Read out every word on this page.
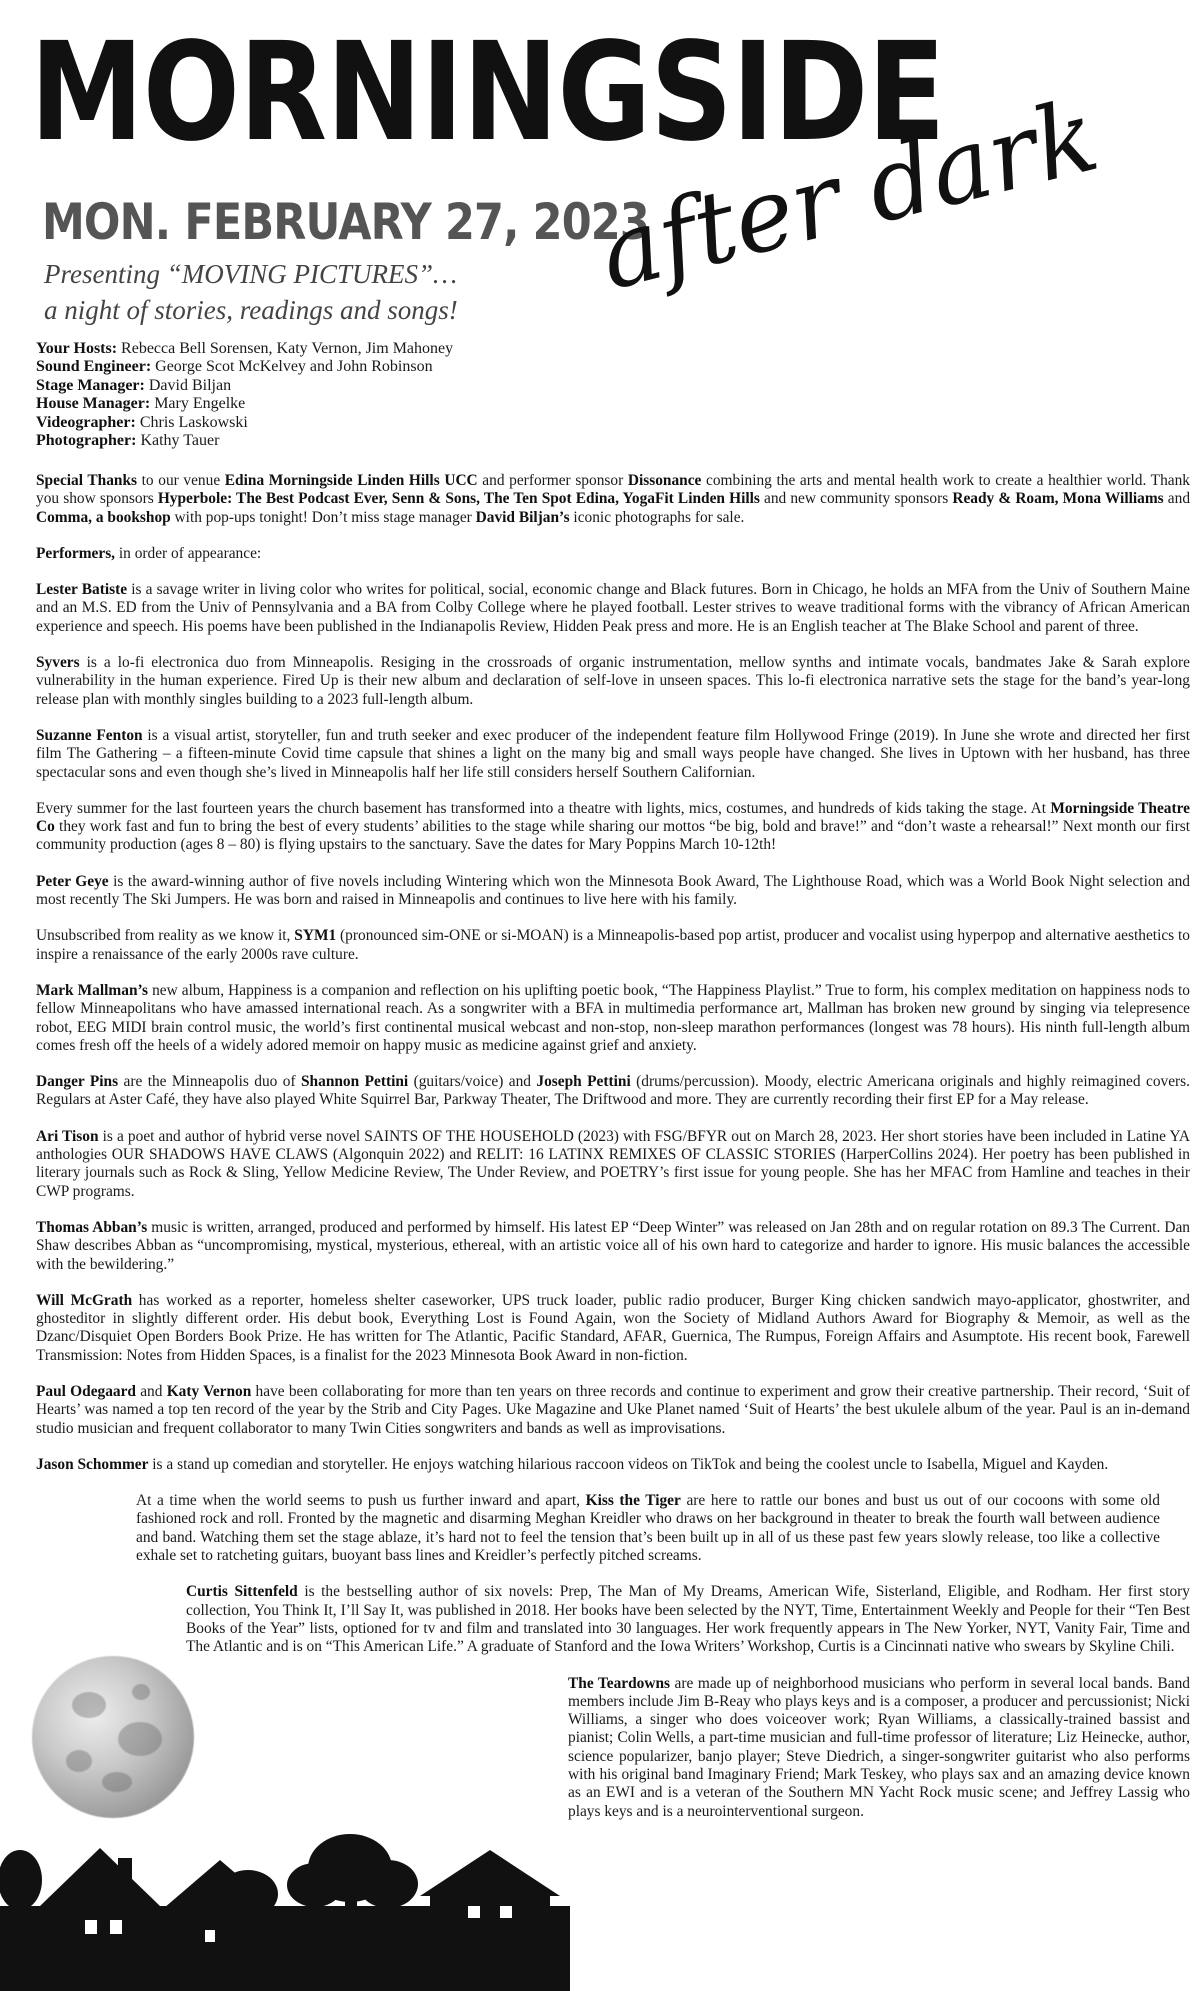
MORNINGSIDE
MON. FEBRUARY 27, 2023
after dark
Presenting “MOVING PICTURES”…
a night of stories, readings and songs!
Your Hosts: Rebecca Bell Sorensen, Katy Vernon, Jim Mahoney
Sound Engineer: George Scot McKelvey and John Robinson
Stage Manager: David Biljan
House Manager: Mary Engelke
Videographer: Chris Laskowski
Photographer: Kathy Tauer

Special Thanks to our venue Edina Morningside Linden Hills UCC and performer sponsor Dissonance combining the arts and mental health work to create a healthier world. Thank you show sponsors Hyperbole: The Best Podcast Ever, Senn & Sons, The Ten Spot Edina, YogaFit Linden Hills and new community sponsors Ready & Roam, Mona Williams and Comma, a bookshop with pop-ups tonight! Don’t miss stage manager David Biljan’s iconic photographs for sale.

Performers, in order of appearance:

Lester Batiste is a savage writer in living color who writes for political, social, economic change and Black futures. Born in Chicago, he holds an MFA from the Univ of Southern Maine and an M.S. ED from the Univ of Pennsylvania and a BA from Colby College where he played football. Lester strives to weave traditional forms with the vibrancy of African American experience and speech. His poems have been published in the Indianapolis Review, Hidden Peak press and more. He is an English teacher at The Blake School and parent of three.

Syvers is a lo-fi electronica duo from Minneapolis. Resiging in the crossroads of organic instrumentation, mellow synths and intimate vocals, bandmates Jake & Sarah explore vulnerability in the human experience. Fired Up is their new album and declaration of self-love in unseen spaces. This lo-fi electronica narrative sets the stage for the band’s year-long release plan with monthly singles building to a 2023 full-length album.

Suzanne Fenton is a visual artist, storyteller, fun and truth seeker and exec producer of the independent feature film Hollywood Fringe (2019). In June she wrote and directed her first film The Gathering – a fifteen-minute Covid time capsule that shines a light on the many big and small ways people have changed. She lives in Uptown with her husband, has three spectacular sons and even though she’s lived in Minneapolis half her life still considers herself Southern Californian.

Every summer for the last fourteen years the church basement has transformed into a theatre with lights, mics, costumes, and hundreds of kids taking the stage. At Morningside Theatre Co they work fast and fun to bring the best of every students’ abilities to the stage while sharing our mottos “be big, bold and brave!” and “don’t waste a rehearsal!” Next month our first community production (ages 8 – 80) is flying upstairs to the sanctuary. Save the dates for Mary Poppins March 10-12th!

Peter Geye is the award-winning author of five novels including Wintering which won the Minnesota Book Award, The Lighthouse Road, which was a World Book Night selection and most recently The Ski Jumpers. He was born and raised in Minneapolis and continues to live here with his family.

Unsubscribed from reality as we know it, SYM1 (pronounced sim-ONE or si-MOAN) is a Minneapolis-based pop artist, producer and vocalist using hyperpop and alternative aesthetics to inspire a renaissance of the early 2000s rave culture.

Mark Mallman’s new album, Happiness is a companion and reflection on his uplifting poetic book, “The Happiness Playlist.” True to form, his complex meditation on happiness nods to fellow Minneapolitans who have amassed international reach. As a songwriter with a BFA in multimedia performance art, Mallman has broken new ground by singing via telepresence robot, EEG MIDI brain control music, the world’s first continental musical webcast and non-stop, non-sleep marathon performances (longest was 78 hours). His ninth full-length album comes fresh off the heels of a widely adored memoir on happy music as medicine against grief and anxiety.

Danger Pins are the Minneapolis duo of Shannon Pettini (guitars/voice) and Joseph Pettini (drums/percussion). Moody, electric Americana originals and highly reimagined covers. Regulars at Aster Café, they have also played White Squirrel Bar, Parkway Theater, The Driftwood and more. They are currently recording their first EP for a May release.

Ari Tison is a poet and author of hybrid verse novel SAINTS OF THE HOUSEHOLD (2023) with FSG/BFYR out on March 28, 2023. Her short stories have been included in Latine YA anthologies OUR SHADOWS HAVE CLAWS (Algonquin 2022) and RELIT: 16 LATINX REMIXES OF CLASSIC STORIES (HarperCollins 2024). Her poetry has been published in literary journals such as Rock & Sling, Yellow Medicine Review, The Under Review, and POETRY’s first issue for young people. She has her MFAC from Hamline and teaches in their CWP programs.

Thomas Abban’s music is written, arranged, produced and performed by himself. His latest EP “Deep Winter” was released on Jan 28th and on regular rotation on 89.3 The Current. Dan Shaw describes Abban as “uncompromising, mystical, mysterious, ethereal, with an artistic voice all of his own hard to categorize and harder to ignore. His music balances the accessible with the bewildering.”

Will McGrath has worked as a reporter, homeless shelter caseworker, UPS truck loader, public radio producer, Burger King chicken sandwich mayo-applicator, ghostwriter, and ghosteditor in slightly different order. His debut book, Everything Lost is Found Again, won the Society of Midland Authors Award for Biography & Memoir, as well as the Dzanc/Disquiet Open Borders Book Prize. He has written for The Atlantic, Pacific Standard, AFAR, Guernica, The Rumpus, Foreign Affairs and Asumptote. His recent book, Farewell Transmission: Notes from Hidden Spaces, is a finalist for the 2023 Minnesota Book Award in non-fiction.

Paul Odegaard and Katy Vernon have been collaborating for more than ten years on three records and continue to experiment and grow their creative partnership. Their record, ‘Suit of Hearts’ was named a top ten record of the year by the Strib and City Pages. Uke Magazine and Uke Planet named ‘Suit of Hearts’ the best ukulele album of the year. Paul is an in-demand studio musician and frequent collaborator to many Twin Cities songwriters and bands as well as improvisations.

Jason Schommer is a stand up comedian and storyteller. He enjoys watching hilarious raccoon videos on TikTok and being the coolest uncle to Isabella, Miguel and Kayden.

At a time when the world seems to push us further inward and apart, Kiss the Tiger are here to rattle our bones and bust us out of our cocoons with some old fashioned rock and roll. Fronted by the magnetic and disarming Meghan Kreidler who draws on her background in theater to break the fourth wall between audience and band. Watching them set the stage ablaze, it’s hard not to feel the tension that’s been built up in all of us these past few years slowly release, too like a collective exhale set to ratcheting guitars, buoyant bass lines and Kreidler’s perfectly pitched screams.

Curtis Sittenfeld is the bestselling author of six novels: Prep, The Man of My Dreams, American Wife, Sisterland, Eligible, and Rodham. Her first story collection, You Think It, I’ll Say It, was published in 2018. Her books have been selected by the NYT, Time, Entertainment Weekly and People for their “Ten Best Books of the Year” lists, optioned for tv and film and translated into 30 languages. Her work frequently appears in The New Yorker, NYT, Vanity Fair, Time and The Atlantic and is on “This American Life.” A graduate of Stanford and the Iowa Writers’ Workshop, Curtis is a Cincinnati native who swears by Skyline Chili.

The Teardowns are made up of neighborhood musicians who perform in several local bands. Band members include Jim B-Reay who plays keys and is a composer, a producer and percussionist; Nicki Williams, a singer who does voiceover work; Ryan Williams, a classically-trained bassist and pianist; Colin Wells, a part-time musician and full-time professor of literature; Liz Heinecke, author, science popularizer, banjo player; Steve Diedrich, a singer-songwriter guitarist who also performs with his original band Imaginary Friend; Mark Teskey, who plays sax and an amazing device known as an EWI and is a veteran of the Southern MN Yacht Rock music scene; and Jeffrey Lassig who plays keys and is a neurointerventional surgeon.
